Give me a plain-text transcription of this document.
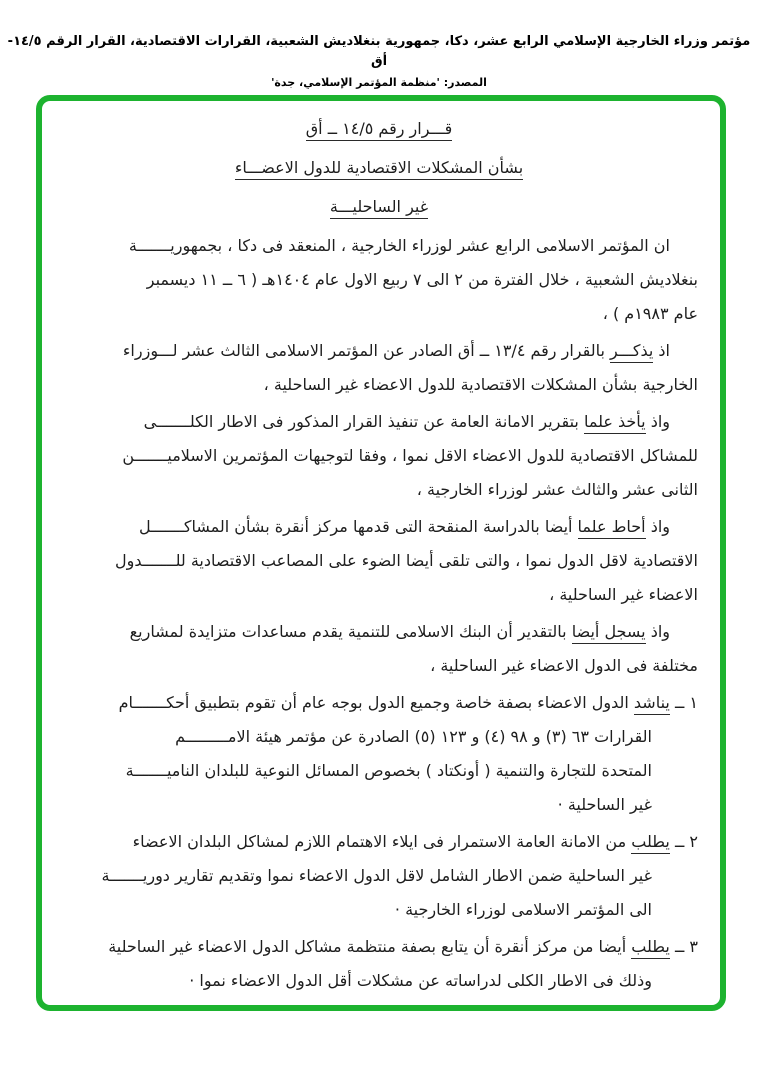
مؤتمر وزراء الخارجية الإسلامي الرابع عشر، دكا، جمهورية بنغلاديش الشعبية، القرارات الاقتصادية، القرار الرقم ١٤/٥-أق
المصدر: 'منظمة المؤتمر الإسلامي، جدة'
قـــرار رقم ١٤/٥ ــ أق
بشأن المشكلات الاقتصادية للدول الاعضـــاء
غير الساحليـــة
ان المؤتمر الاسلامى الرابع عشر لوزراء الخارجية ، المنعقد فى دكا ، بجمهوريـــــــة
بنغلاديش الشعبية ، خلال الفترة من ٢ الى ٧ ربيع الاول عام ١٤٠٤هـ ( ٦ ــ ١١ ديسمبر
عام ١٩٨٣م ) ،
اذ يذكـــر بالقرار رقم ١٣/٤ ــ أق الصادر عن المؤتمر الاسلامى الثالث عشر لـــوزراء
الخارجية بشأن المشكلات الاقتصادية للدول الاعضاء غير الساحلية ،
واذ يأخذ علما بتقرير الامانة العامة عن تنفيذ القرار المذكور فى الاطار الكلـــــــى
للمشاكل الاقتصادية للدول الاعضاء الاقل نموا ، وفقا لتوجيهات المؤتمرين الاسلاميـــــــن
الثانى عشر والثالث عشر لوزراء الخارجية ،
واذ أحاط علما أيضا بالدراسة المنقحة التى قدمها مركز أنقرة بشأن المشاكـــــــل
الاقتصادية لاقل الدول نموا ، والتى تلقى أيضا الضوء على المصاعب الاقتصادية للـــــــدول
الاعضاء غير الساحلية ،
واذ يسجل أيضا بالتقدير أن البنك الاسلامى للتنمية يقدم مساعدات متزايدة لمشاريع
مختلفة فى الدول الاعضاء غير الساحلية ،
١ ــ يناشد الدول الاعضاء بصفة خاصة وجميع الدول بوجه عام أن تقوم بتطبيق أحكـــــــام
القرارات ٦٣ (٣) و ٩٨ (٤) و ١٢٣ (٥) الصادرة عن مؤتمر هيئة الامـــــــــم
المتحدة للتجارة والتنمية ( أونكتاد ) بخصوص المسائل النوعية للبلدان الناميـــــــة
غير الساحلية ·
٢ ــ يطلب من الامانة العامة الاستمرار فى ايلاء الاهتمام اللازم لمشاكل البلدان الاعضاء
غير الساحلية ضمن الاطار الشامل لاقل الدول الاعضاء نموا وتقديم تقارير دوريـــــــة
الى المؤتمر الاسلامى لوزراء الخارجية ·
٣ ــ يطلب أيضا من مركز أنقرة أن يتابع بصفة منتظمة مشاكل الدول الاعضاء غير الساحلية
وذلك فى الاطار الكلى لدراساته عن مشكلات أقل الدول الاعضاء نموا ·
